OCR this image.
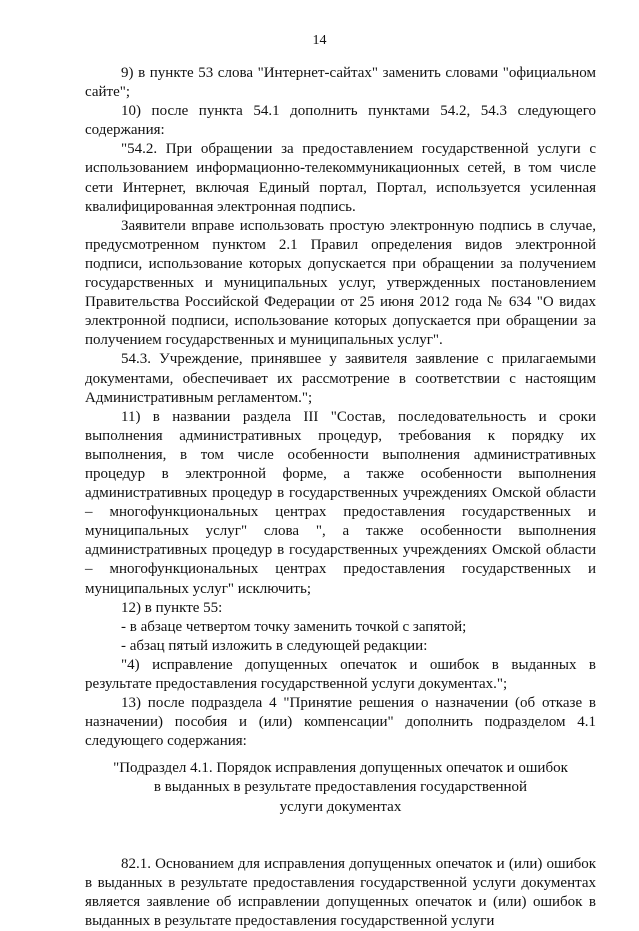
14

9) в пункте 53 слова "Интернет-сайтах" заменить словами "официальном сайте";

10) после пункта 54.1 дополнить пунктами 54.2, 54.3 следующего содержания:

"54.2. При обращении за предоставлением государственной услуги с использованием информационно-телекоммуникационных сетей, в том числе сети Интернет, включая Единый портал, Портал, используется усиленная квалифицированная электронная подпись.

Заявители вправе использовать простую электронную подпись в случае, предусмотренном пунктом 2.1 Правил определения видов электронной подписи, использование которых допускается при обращении за получением государственных и муниципальных услуг, утвержденных постановлением Правительства Российской Федерации от 25 июня 2012 года № 634 "О видах электронной подписи, использование которых допускается при обращении за получением государственных и муниципальных услуг".

54.3. Учреждение, принявшее у заявителя заявление с прилагаемыми документами, обеспечивает их рассмотрение в соответствии с настоящим Административным регламентом.";

11) в названии раздела III "Состав, последовательность и сроки выполнения административных процедур, требования к порядку их выполнения, в том числе особенности выполнения административных процедур в электронной форме, а также особенности выполнения административных процедур в государственных учреждениях Омской области – многофункциональных центрах предоставления государственных и муниципальных услуг" слова ", а также особенности выполнения административных процедур в государственных учреждениях Омской области – многофункциональных центрах предоставления государственных и муниципальных услуг" исключить;

12) в пункте 55:

- в абзаце четвертом точку заменить точкой с запятой;

- абзац пятый изложить в следующей редакции:

"4) исправление допущенных опечаток и ошибок в выданных в результате предоставления государственной услуги документах.";

13) после подраздела 4 "Принятие решения о назначении (об отказе в назначении) пособия и (или) компенсации" дополнить подразделом 4.1 следующего содержания:

"Подраздел 4.1. Порядок исправления допущенных опечаток и ошибок

в выданных в результате предоставления государственной

услуги документах

82.1. Основанием для исправления допущенных опечаток и (или) ошибок в выданных в результате предоставления государственной услуги документах является заявление об исправлении допущенных опечаток и (или) ошибок в выданных в результате предоставления государственной услуги
